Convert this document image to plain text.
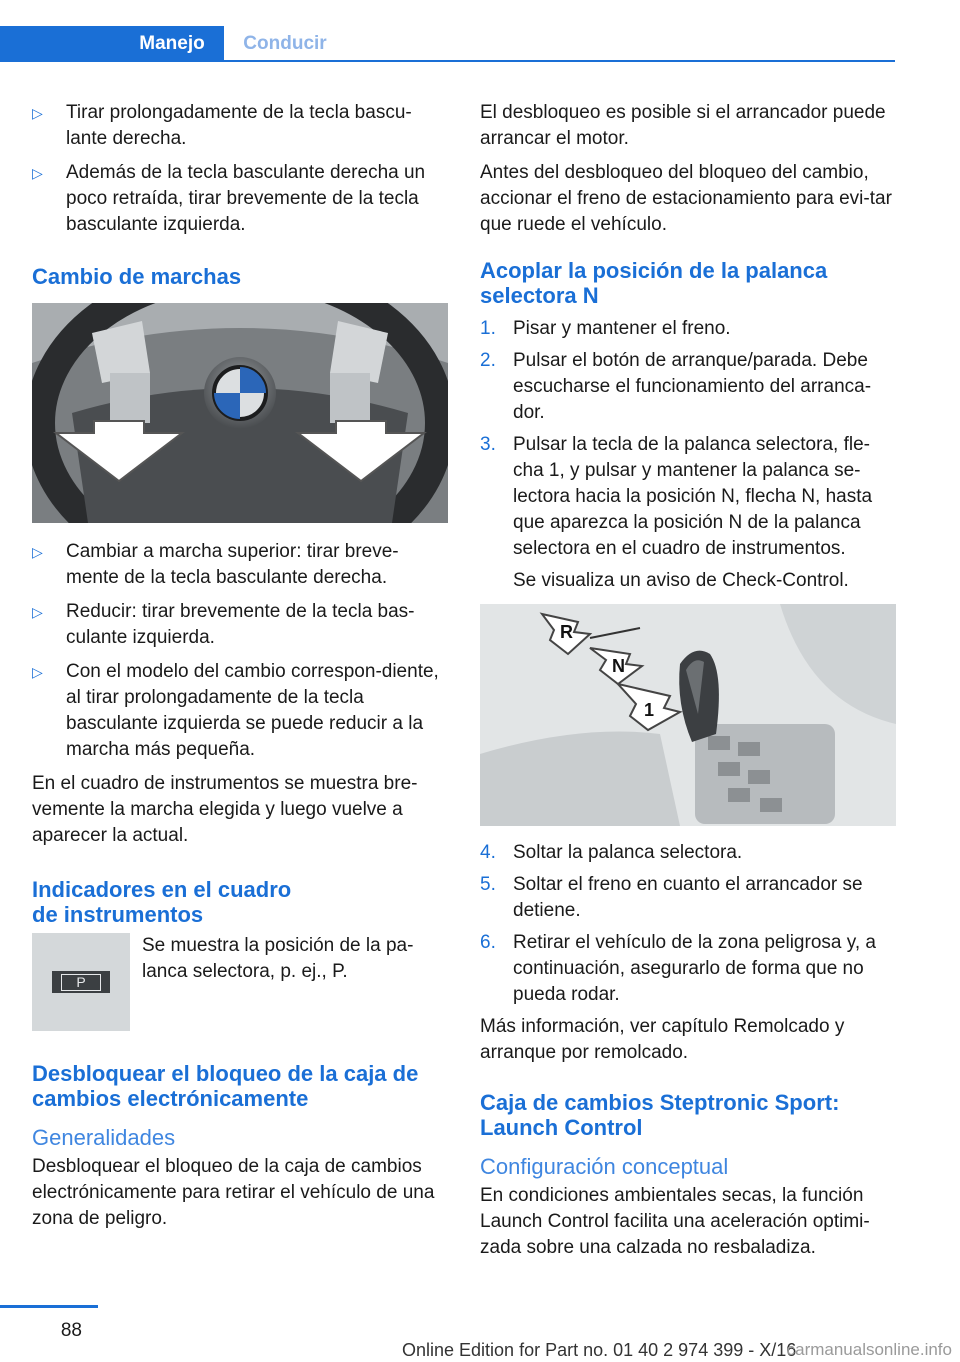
Manejo	Conducir
▷	Tirar prolongadamente de la tecla bascu‐lante derecha.
▷	Además de la tecla basculante derecha un poco retraída, tirar brevemente de la tecla basculante izquierda.
Cambio de marchas
▷	Cambiar a marcha superior: tirar breve‐mente de la tecla basculante derecha.
▷	Reducir: tirar brevemente de la tecla bas‐culante izquierda.
▷	Con el modelo del cambio correspon‐diente, al tirar prolongadamente de la tecla basculante izquierda se puede reducir a la marcha más pequeña.

En el cuadro de instrumentos se muestra bre‐vemente la marcha elegida y luego vuelve a aparecer la actual.

Indicadores en el cuadro de instrumentos
P
Se muestra la posición de la pa‐lanca selectora, p. ej., P.
Desbloquear el bloqueo de la caja de cambios electrónicamente
Generalidades

Desbloquear el bloqueo de la caja de cambios electrónicamente para retirar el vehículo de una zona de peligro.

El desbloqueo es posible si el arrancador puede arrancar el motor.

Antes del desbloqueo del bloqueo del cambio, accionar el freno de estacionamiento para evi‐tar que ruede el vehículo.

Acoplar la posición de la palanca selectora N
1. Pisar y mantener el freno.
2. Pulsar el botón de arranque/parada. Debe escucharse el funcionamiento del arranca‐dor.
3. Pulsar la tecla de la palanca selectora, fle‐cha 1, y pulsar y mantener la palanca se‐lectora hacia la posición N, flecha N, hasta que aparezca la posición N de la palanca selectora en el cuadro de instrumentos.
Se visualiza un aviso de Check-Control.
R
N
1
4. Soltar la palanca selectora.
5. Soltar el freno en cuanto el arrancador se detiene.
6. Retirar el vehículo de la zona peligrosa y, a continuación, asegurarlo de forma que no pueda rodar.

Más información, ver capítulo Remolcado y arranque por remolcado.

Caja de cambios Steptronic Sport: Launch Control
Configuración conceptual

En condiciones ambientales secas, la función Launch Control facilita una aceleración optimi‐zada sobre una calzada no resbaladiza.

88
Online Edition for Part no. 01 40 2 974 399 - X/16
carmanualsonline.info
